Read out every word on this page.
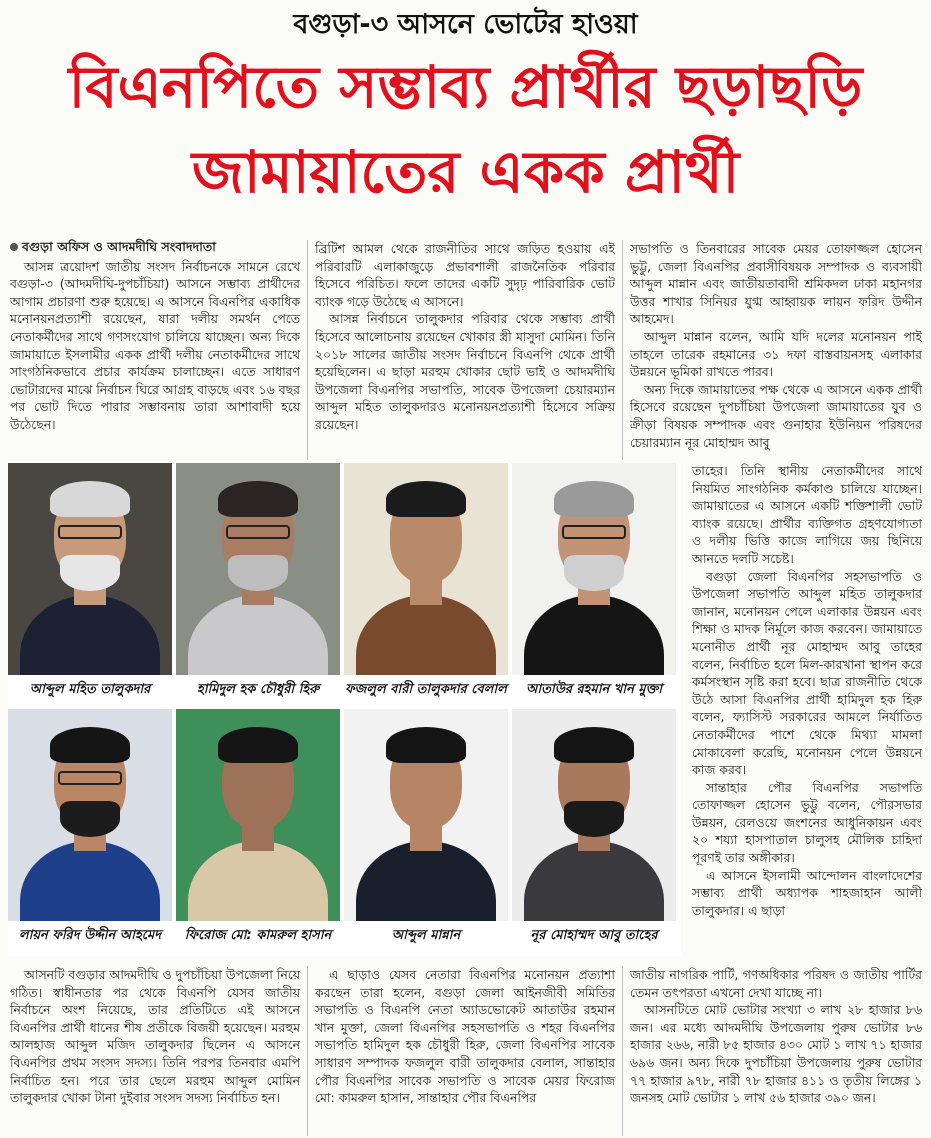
বগুড়া-৩ আসনে ভোটের হাওয়া
বিএনপিতে সম্ভাব্য প্রার্থীর ছড়াছড়ি
জামায়াতের একক প্রার্থী
বগুড়া অফিস ও আদমদীঘি সংবাদদাতা

আসন্ন ত্রয়োদশ জাতীয় সংসদ নির্বাচনকে সামনে রেখে বগুড়া-৩ (আদমদীঘি-দুপচাঁচিয়া) আসনে সম্ভাব্য প্রার্থীদের আগাম প্রচারণা শুরু হয়েছে। এ আসনে বিএনপির একাধিক মনোনয়নপ্রত্যাশী রয়েছেন, যারা দলীয় সমর্থন পেতে নেতাকর্মীদের সাথে গণসংযোগ চালিয়ে যাচ্ছেন। অন্য দিকে জামায়াতে ইসলামীর একক প্রার্থী দলীয় নেতাকর্মীদের সাথে সাংগঠনিকভাবে প্রচার কার্যক্রম চালাচ্ছেন। এতে সাধারণ ভোটারদের মাঝে নির্বাচন ঘিরে আগ্রহ বাড়ছে এবং ১৬ বছর পর ভোট দিতে পারার সম্ভাবনায় তারা আশাবাদী হয়ে উঠেছেন।

ব্রিটিশ আমল থেকে রাজনীতির সাথে জড়িত হওয়ায় এই পরিবারটি এলাকাজুড়ে প্রভাবশালী রাজনৈতিক পরিবার হিসেবে পরিচিত। ফলে তাদের একটি সুদৃঢ় পারিবারিক ভোট ব্যাংক গড়ে উঠেছে এ আসনে।

আসন্ন নির্বাচনে তালুকদার পরিবার থেকে সম্ভাব্য প্রার্থী হিসেবে আলোচনায় রয়েছেন খোকার স্ত্রী মাসুদা মোমিন। তিনি ২০১৮ সালের জাতীয় সংসদ নির্বাচনে বিএনপি থেকে প্রার্থী হয়েছিলেন। এ ছাড়া মরহুম খোকার ছোট ভাই ও আদমদীঘি উপজেলা বিএনপির সভাপতি, সাবেক উপজেলা চেয়ারম্যান আব্দুল মহিত তালুকদারও মনোনয়নপ্রত্যাশী হিসেবে সক্রিয় রয়েছেন।

সভাপতি ও তিনবারের সাবেক মেয়র তোফাজ্জল হোসেন ভুট্টু, জেলা বিএনপির প্রবাসীবিষয়ক সম্পাদক ও ব্যবসায়ী আব্দুল মান্নান এবং জাতীয়তাবাদী শ্রমিকদল ঢাকা মহানগর উত্তর শাখার সিনিয়র যুগ্ম আহ্বায়ক লায়ন ফরিদ উদ্দীন আহমেদ।

আব্দুল মান্নান বলেন, আমি যদি দলের মনোনয়ন পাই তাহলে তারেক রহমানের ৩১ দফা বাস্তবায়নসহ এলাকার উন্নয়নে ভূমিকা রাখতে পারব।

অন্য দিকে জামায়াতের পক্ষ থেকে এ আসনে একক প্রার্থী হিসেবে রয়েছেন দুপচাঁচিয়া উপজেলা জামায়াতের যুব ও ক্রীড়া বিষয়ক সম্পাদক এবং গুনাহার ইউনিয়ন পরিষদের চেয়ারম্যান নূর মোহাম্মদ আবু

তাহের। তিনি স্থানীয় নেতাকর্মীদের সাথে নিয়মিত সাংগঠনিক কর্মকাণ্ড চালিয়ে যাচ্ছেন। জামায়াতের এ আসনে একটি শক্তিশালী ভোট ব্যাংক রয়েছে। প্রার্থীর ব্যক্তিগত গ্রহণযোগ্যতা ও দলীয় ভিত্তি কাজে লাগিয়ে জয় ছিনিয়ে আনতে দলটি সচেষ্ট।

বগুড়া জেলা বিএনপির সহসভাপতি ও উপজেলা সভাপতি আব্দুল মহিত তালুকদার জানান, মনোনয়ন পেলে এলাকার উন্নয়ন এবং শিক্ষা ও মাদক নির্মূলে কাজ করবেন। জামায়াতে মনোনীত প্রার্থী নূর মোহাম্মদ আবু তাহের বলেন, নির্বাচিত হলে মিল-কারখানা স্থাপন করে কর্মসংস্থান সৃষ্টি করা হবে। ছাত্র রাজনীতি থেকে উঠে আসা বিএনপির প্রার্থী হামিদুল হক হিরু বলেন, ফ্যাসিস্ট সরকারের আমলে নির্যাতিত নেতাকর্মীদের পাশে থেকে মিথ্যা মামলা মোকাবেলা করেছি, মনোনয়ন পেলে উন্নয়নে কাজ করব।

সান্তাহার পৌর বিএনপির সভাপতি তোফাজ্জল হোসেন ভুট্টু বলেন, পৌরসভার উন্নয়ন, রেলওয়ে জংশনের আধুনিকায়ন এবং ২০ শয্যা হাসপাতাল চালুসহ মৌলিক চাহিদা পূরণই তার অঙ্গীকার।

এ আসনে ইসলামী আন্দোলন বাংলাদেশের সম্ভাব্য প্রার্থী অধ্যাপক শাহজাহান আলী তালুকদার। এ ছাড়া

আব্দুল মহিত তালুকদার	হামিদুল হক চৌধুরী হিরু	ফজলুল বারী তালুকদার বেলাল	আতাউর রহমান খান মুক্তা
লায়ন ফরিদ উদ্দীন আহমেদ	ফিরোজ মো: কামরুল হাসান	আব্দুল মান্নান	নূর মোহাম্মদ আবু তাহের

আসনটি বগুড়ার আদমদীঘি ও দুপচাঁচিয়া উপজেলা নিয়ে গঠিত। স্বাধীনতার পর থেকে বিএনপি যেসব জাতীয় নির্বাচনে অংশ নিয়েছে, তার প্রতিটিতে এই আসনে বিএনপির প্রার্থী ধানের শীষ প্রতীকে বিজয়ী হয়েছেন। মরহুম আলহাজ আব্দুল মজিদ তালুকদার ছিলেন এ আসনে বিএনপির প্রথম সংসদ সদস্য। তিনি পরপর তিনবার এমপি নির্বাচিত হন। পরে তার ছেলে মরহুম আব্দুল মোমিন তালুকদার খোকা টানা দুইবার সংসদ সদস্য নির্বাচিত হন।

এ ছাড়াও যেসব নেতারা বিএনপির মনোনয়ন প্রত্যাশা করছেন তারা হলেন, বগুড়া জেলা আইনজীবী সমিতির সভাপতি ও বিএনপি নেতা অ্যাডভোকেট আতাউর রহমান খান মুক্তা, জেলা বিএনপির সহসভাপতি ও শহর বিএনপির সভাপতি হামিদুল হক চৌধুরী হিরু, জেলা বিএনপির সাবেক সাধারণ সম্পাদক ফজলুল বারী তালুকদার বেলাল, সান্তাহার পৌর বিএনপির সাবেক সভাপতি ও সাবেক মেয়র ফিরোজ মো: কামরুল হাসান, সান্তাহার পৌর বিএনপির

জাতীয় নাগরিক পার্টি, গণঅধিকার পরিষদ ও জাতীয় পার্টির তেমন তৎপরতা এখনো দেখা যাচ্ছে না।

আসনটিতে মোট ভোটার সংখ্যা ৩ লাখ ২৮ হাজার ৮৬ জন। এর মধ্যে আদমদীঘি উপজেলায় পুরুষ ভোটার ৮৬ হাজার ২৬৬, নারী ৮৫ হাজার ৪৩০ মোট ১ লাখ ৭১ হাজার ৬৯৬ জন। অন্য দিকে দুপচাঁচিয়া উপজেলায় পুরুষ ভোটার ৭৭ হাজার ৯৭৮, নারী ৭৮ হাজার ৪১১ ও তৃতীয় লিঙ্গের ১ জনসহ মোট ভোটার ১ লাখ ৫৬ হাজার ৩৯০ জন।
